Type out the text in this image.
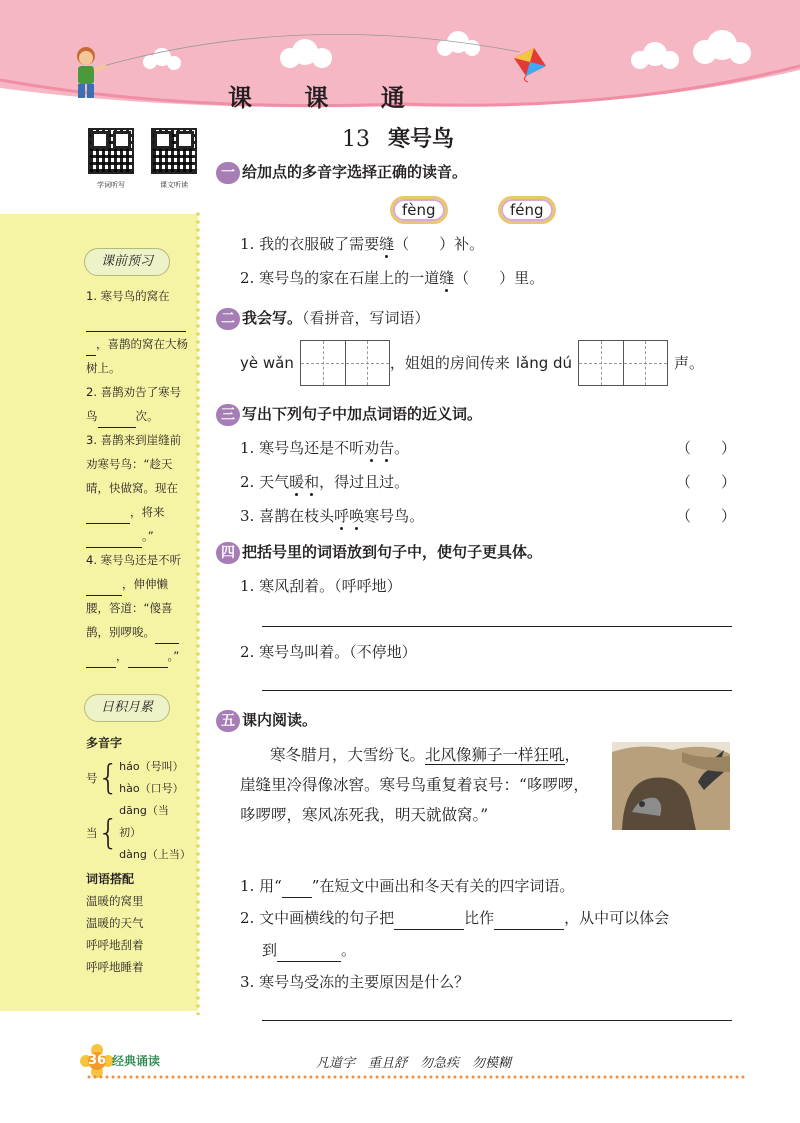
课 课 通
学词听写	课文听读
课前预习
1. 寒号鸟的窝在

，喜鹊的窝在大杨树上。
2. 喜鹊劝告了寒号鸟	次。
3. 喜鹊来到崖缝前劝寒号鸟：“趁天晴，快做窝。现在，将来
。”
4. 寒号鸟还是不听，伸伸懒腰，答道：“傻喜鹊，别啰唆。
，	。”
日积月累
多音字
号 { háo（号叫）
hào（口号）
当 {
dāng（当初）
dàng（上当）
词语搭配
温暖的窝里
温暖的天气
呼呼地刮着
呼呼地睡着
13 寒号鸟
一 给加点的多音字选择正确的读音。
fèng	féng
1. 我的衣服破了需要缝（　　）补。
2. 寒号鸟的家在石崖上的一道缝（　　）里。
二 我会写。（看拼音，写词语）
yè wǎn	，姐姐的房间传来 lǎng dú	声。
三 写出下列句子中加点词语的近义词。
1. 寒号鸟还是不听劝告。	（　　）
2. 天气暖和，得过且过。	（　　）
3. 喜鹊在枝头呼唤寒号鸟。	（　　）
四 把括号里的词语放到句子中，使句子更具体。
1. 寒风刮着。（呼呼地）
2. 寒号鸟叫着。（不停地）
五 课内阅读。
寒冬腊月，大雪纷飞。北风像狮子一样狂吼，崖缝里冷得像冰窖。寒号鸟重复着哀号：“哆啰啰，哆啰啰，寒风冻死我，明天就做窝。”
1. 用“ ”在短文中画出和冬天有关的四字词语。
2. 文中画横线的句子把	比作	，从中可以体会
到	。
3. 寒号鸟受冻的主要原因是什么？
36 经典诵读	凡道字　重且舒　勿急疾　勿模糊
